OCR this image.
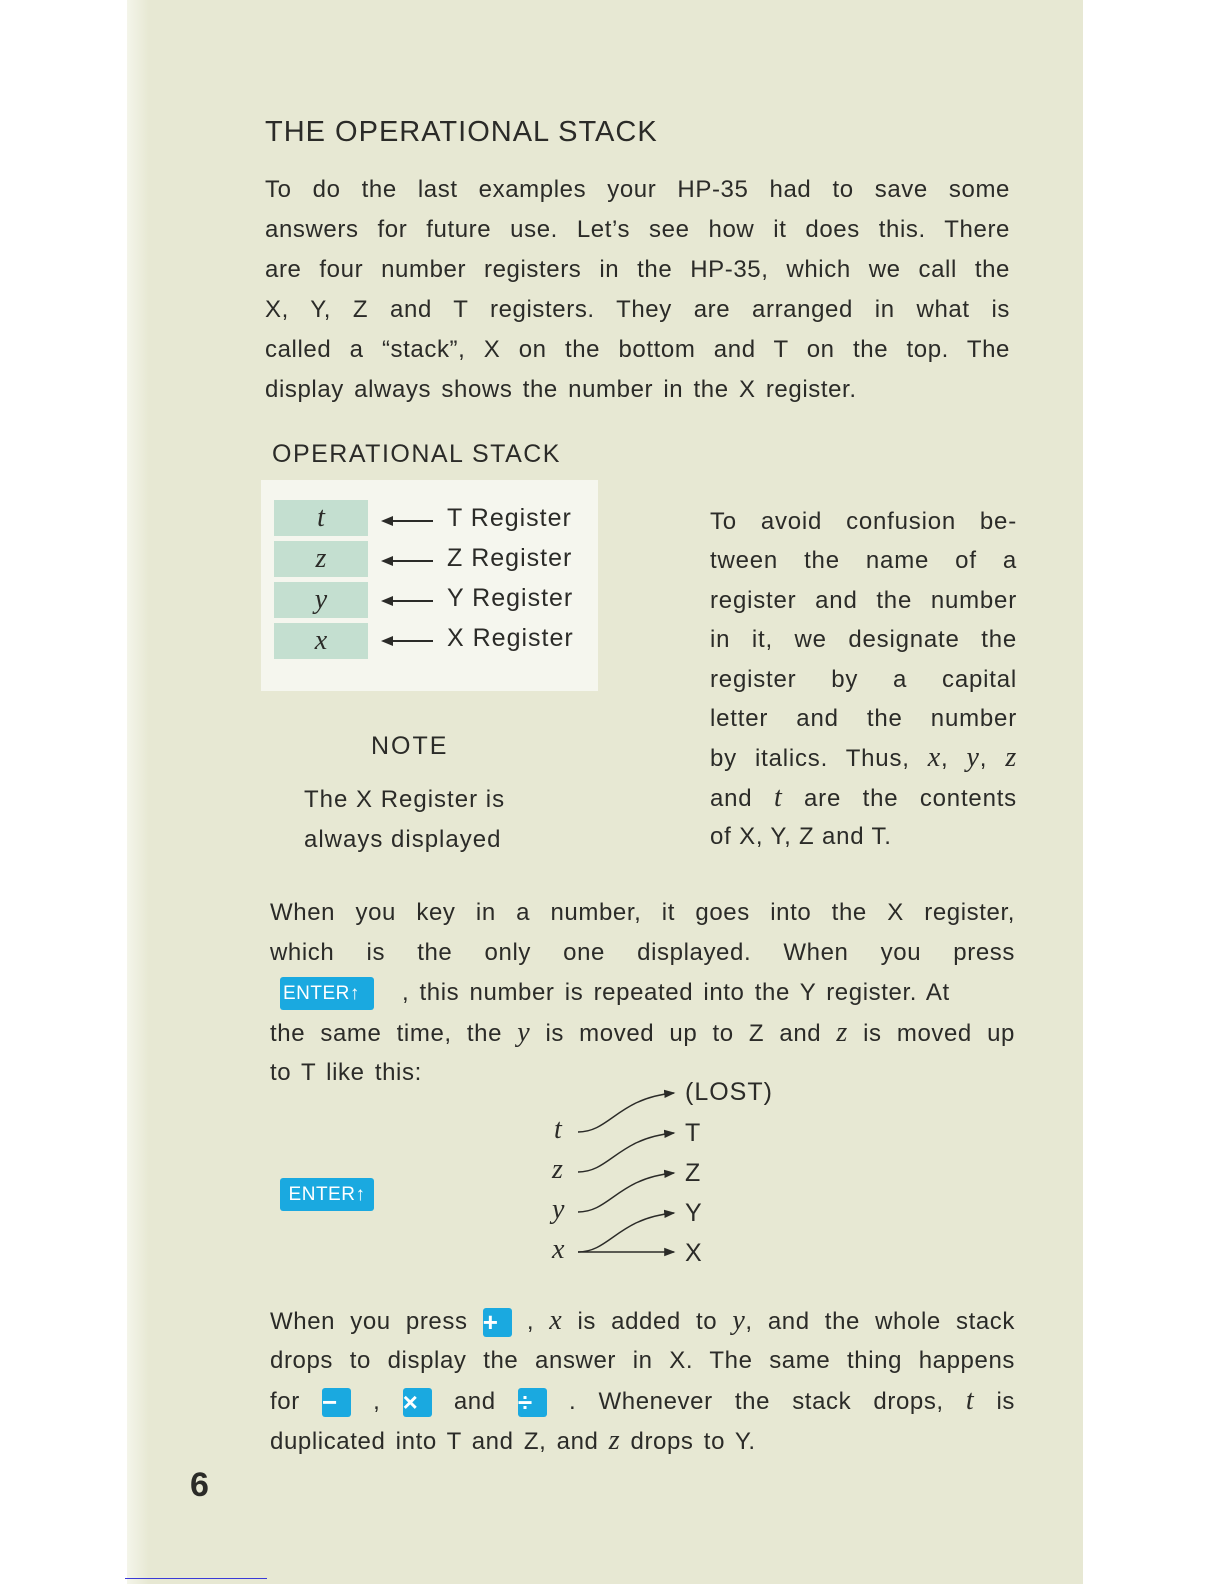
THE OPERATIONAL STACK
To do the last examples your HP-35 had to save some
answers for future use. Let’s see how it does this. There
are four number registers in the HP-35, which we call the
X, Y, Z and T registers. They are arranged in what is
called a “stack”, X on the bottom and T on the top. The
display always shows the number in the X register.
OPERATIONAL STACK
t	T Register
z	Z Register
y	Y Register
x	X Register
NOTE
The X Register is
always displayed
To avoid confusion be-
tween the name of a
register and the number
in it, we designate the
register by a capital
letter and the number
by italics. Thus, x, y, z
and t are the contents
of X, Y, Z and T.
When you key in a number, it goes into the X register,
which is the only one displayed. When you press
ENTER↑ , this number is repeated into the Y register. At
the same time, the y is moved up to Z and z is moved up
to T like this:
ENTER↑
t
z
y
x
(LOST)
T
Z
Y
X
When you press + , x is added to y, and the whole stack
drops to display the answer in X. The same thing happens
for − , × and ÷ . Whenever the stack drops, t is
duplicated into T and Z, and z drops to Y.
6
